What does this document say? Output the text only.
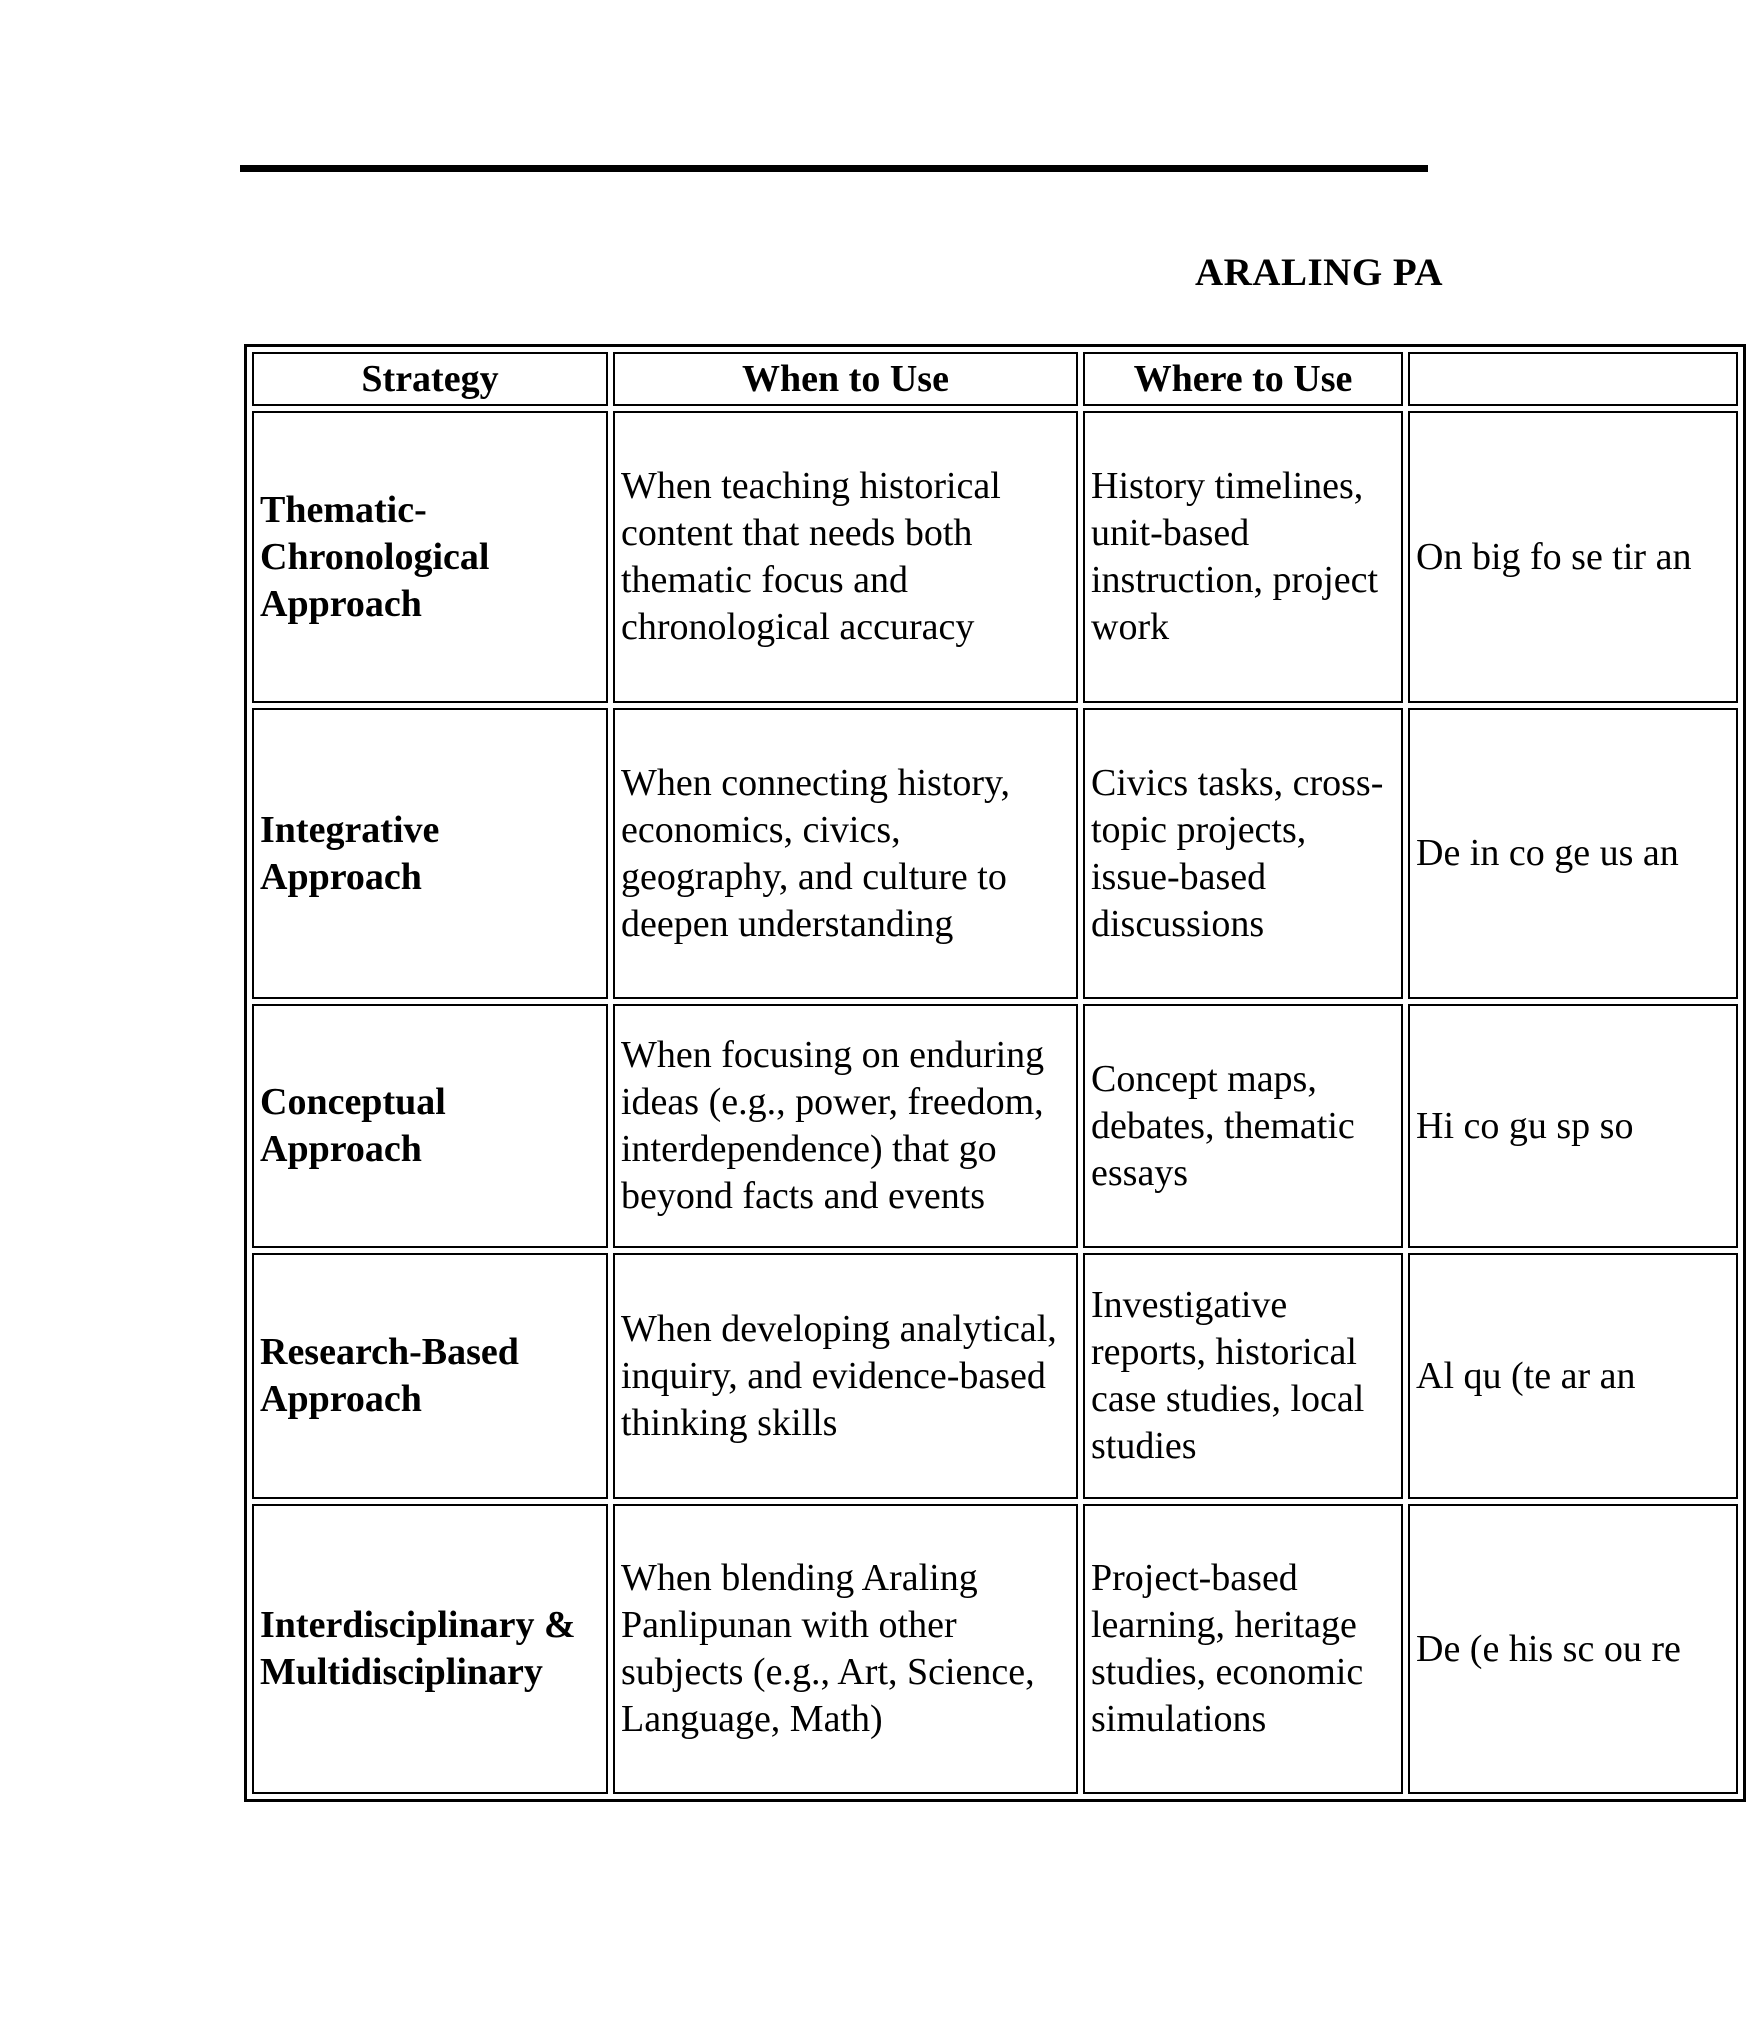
ARALING PA
Strategy	When to Use	Where to Use	
Thematic-Chronological Approach	When teaching historical content that needs both thematic focus and chronological accuracy	History timelines, unit-based instruction, project work	On big fo se tir an
Integrative Approach	When connecting history, economics, civics, geography, and culture to deepen understanding	Civics tasks, cross-topic projects, issue-based discussions	De in co ge us an
Conceptual Approach	When focusing on enduring ideas (e.g., power, freedom, interdependence) that go beyond facts and events	Concept maps, debates, thematic essays	Hi co gu sp so
Research-Based Approach	When developing analytical, inquiry, and evidence-based thinking skills	Investigative reports, historical case studies, local studies	Al qu (te ar an
Interdisciplinary & Multidisciplinary	When blending Araling Panlipunan with other subjects (e.g., Art, Science, Language, Math)	Project-based learning, heritage studies, economic simulations	De (e his sc ou re
